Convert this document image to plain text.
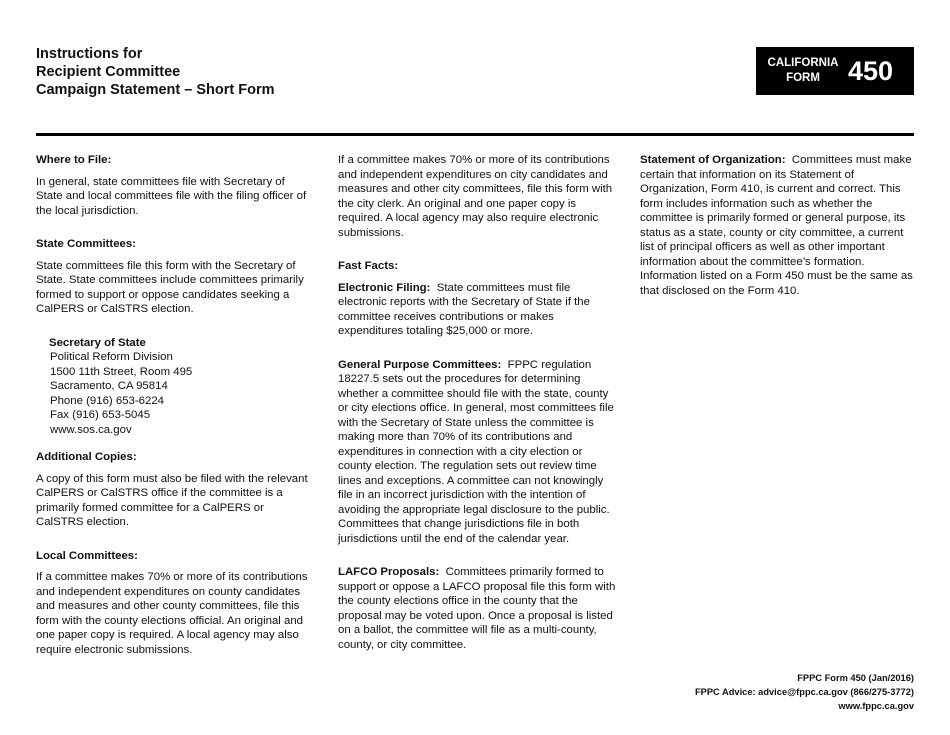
Instructions for
Recipient Committee
Campaign Statement – Short Form
CALIFORNIA
FORM	450
Where to File:
In general, state committees file with Secretary of State and local committees file with the filing officer of the local jurisdiction.
State Committees:
State committees file this form with the Secretary of State. State committees include committees primarily formed to support or oppose candidates seeking a CalPERS or CalSTRS election.
Secretary of State
Political Reform Division
1500 11th Street, Room 495
Sacramento, CA 95814
Phone (916) 653-6224
Fax (916) 653-5045
www.sos.ca.gov
Additional Copies:
A copy of this form must also be filed with the relevant CalPERS or CalSTRS office if the committee is a primarily formed committee for a CalPERS or CalSTRS election.
Local Committees:
If a committee makes 70% or more of its contributions and independent expenditures on county candidates and measures and other county committees, file this form with the county elections official. An original and one paper copy is required. A local agency may also require electronic submissions.
If a committee makes 70% or more of its contributions and independent expenditures on city candidates and measures and other city committees, file this form with the city clerk. An original and one paper copy is required. A local agency may also require electronic submissions.
Fast Facts:
Electronic Filing: State committees must file electronic reports with the Secretary of State if the committee receives contributions or makes expenditures totaling $25,000 or more.
General Purpose Committees: FPPC regulation 18227.5 sets out the procedures for determining whether a committee should file with the state, county or city elections office. In general, most committees file with the Secretary of State unless the committee is making more than 70% of its contributions and expenditures in connection with a city election or county election. The regulation sets out review time lines and exceptions. A committee can not knowingly file in an incorrect jurisdiction with the intention of avoiding the appropriate legal disclosure to the public. Committees that change jurisdictions file in both jurisdictions until the end of the calendar year.
LAFCO Proposals: Committees primarily formed to support or oppose a LAFCO proposal file this form with the county elections office in the county that the proposal may be voted upon. Once a proposal is listed on a ballot, the committee will file as a multi-county, county, or city committee.
Statement of Organization: Committees must make certain that information on its Statement of Organization, Form 410, is current and correct. This form includes information such as whether the committee is primarily formed or general purpose, its status as a state, county or city committee, a current list of principal officers as well as other important information about the committee’s formation. Information listed on a Form 450 must be the same as that disclosed on the Form 410.
FPPC Form 450 (Jan/2016)
FPPC Advice: advice@fppc.ca.gov (866/275-3772)
www.fppc.ca.gov
